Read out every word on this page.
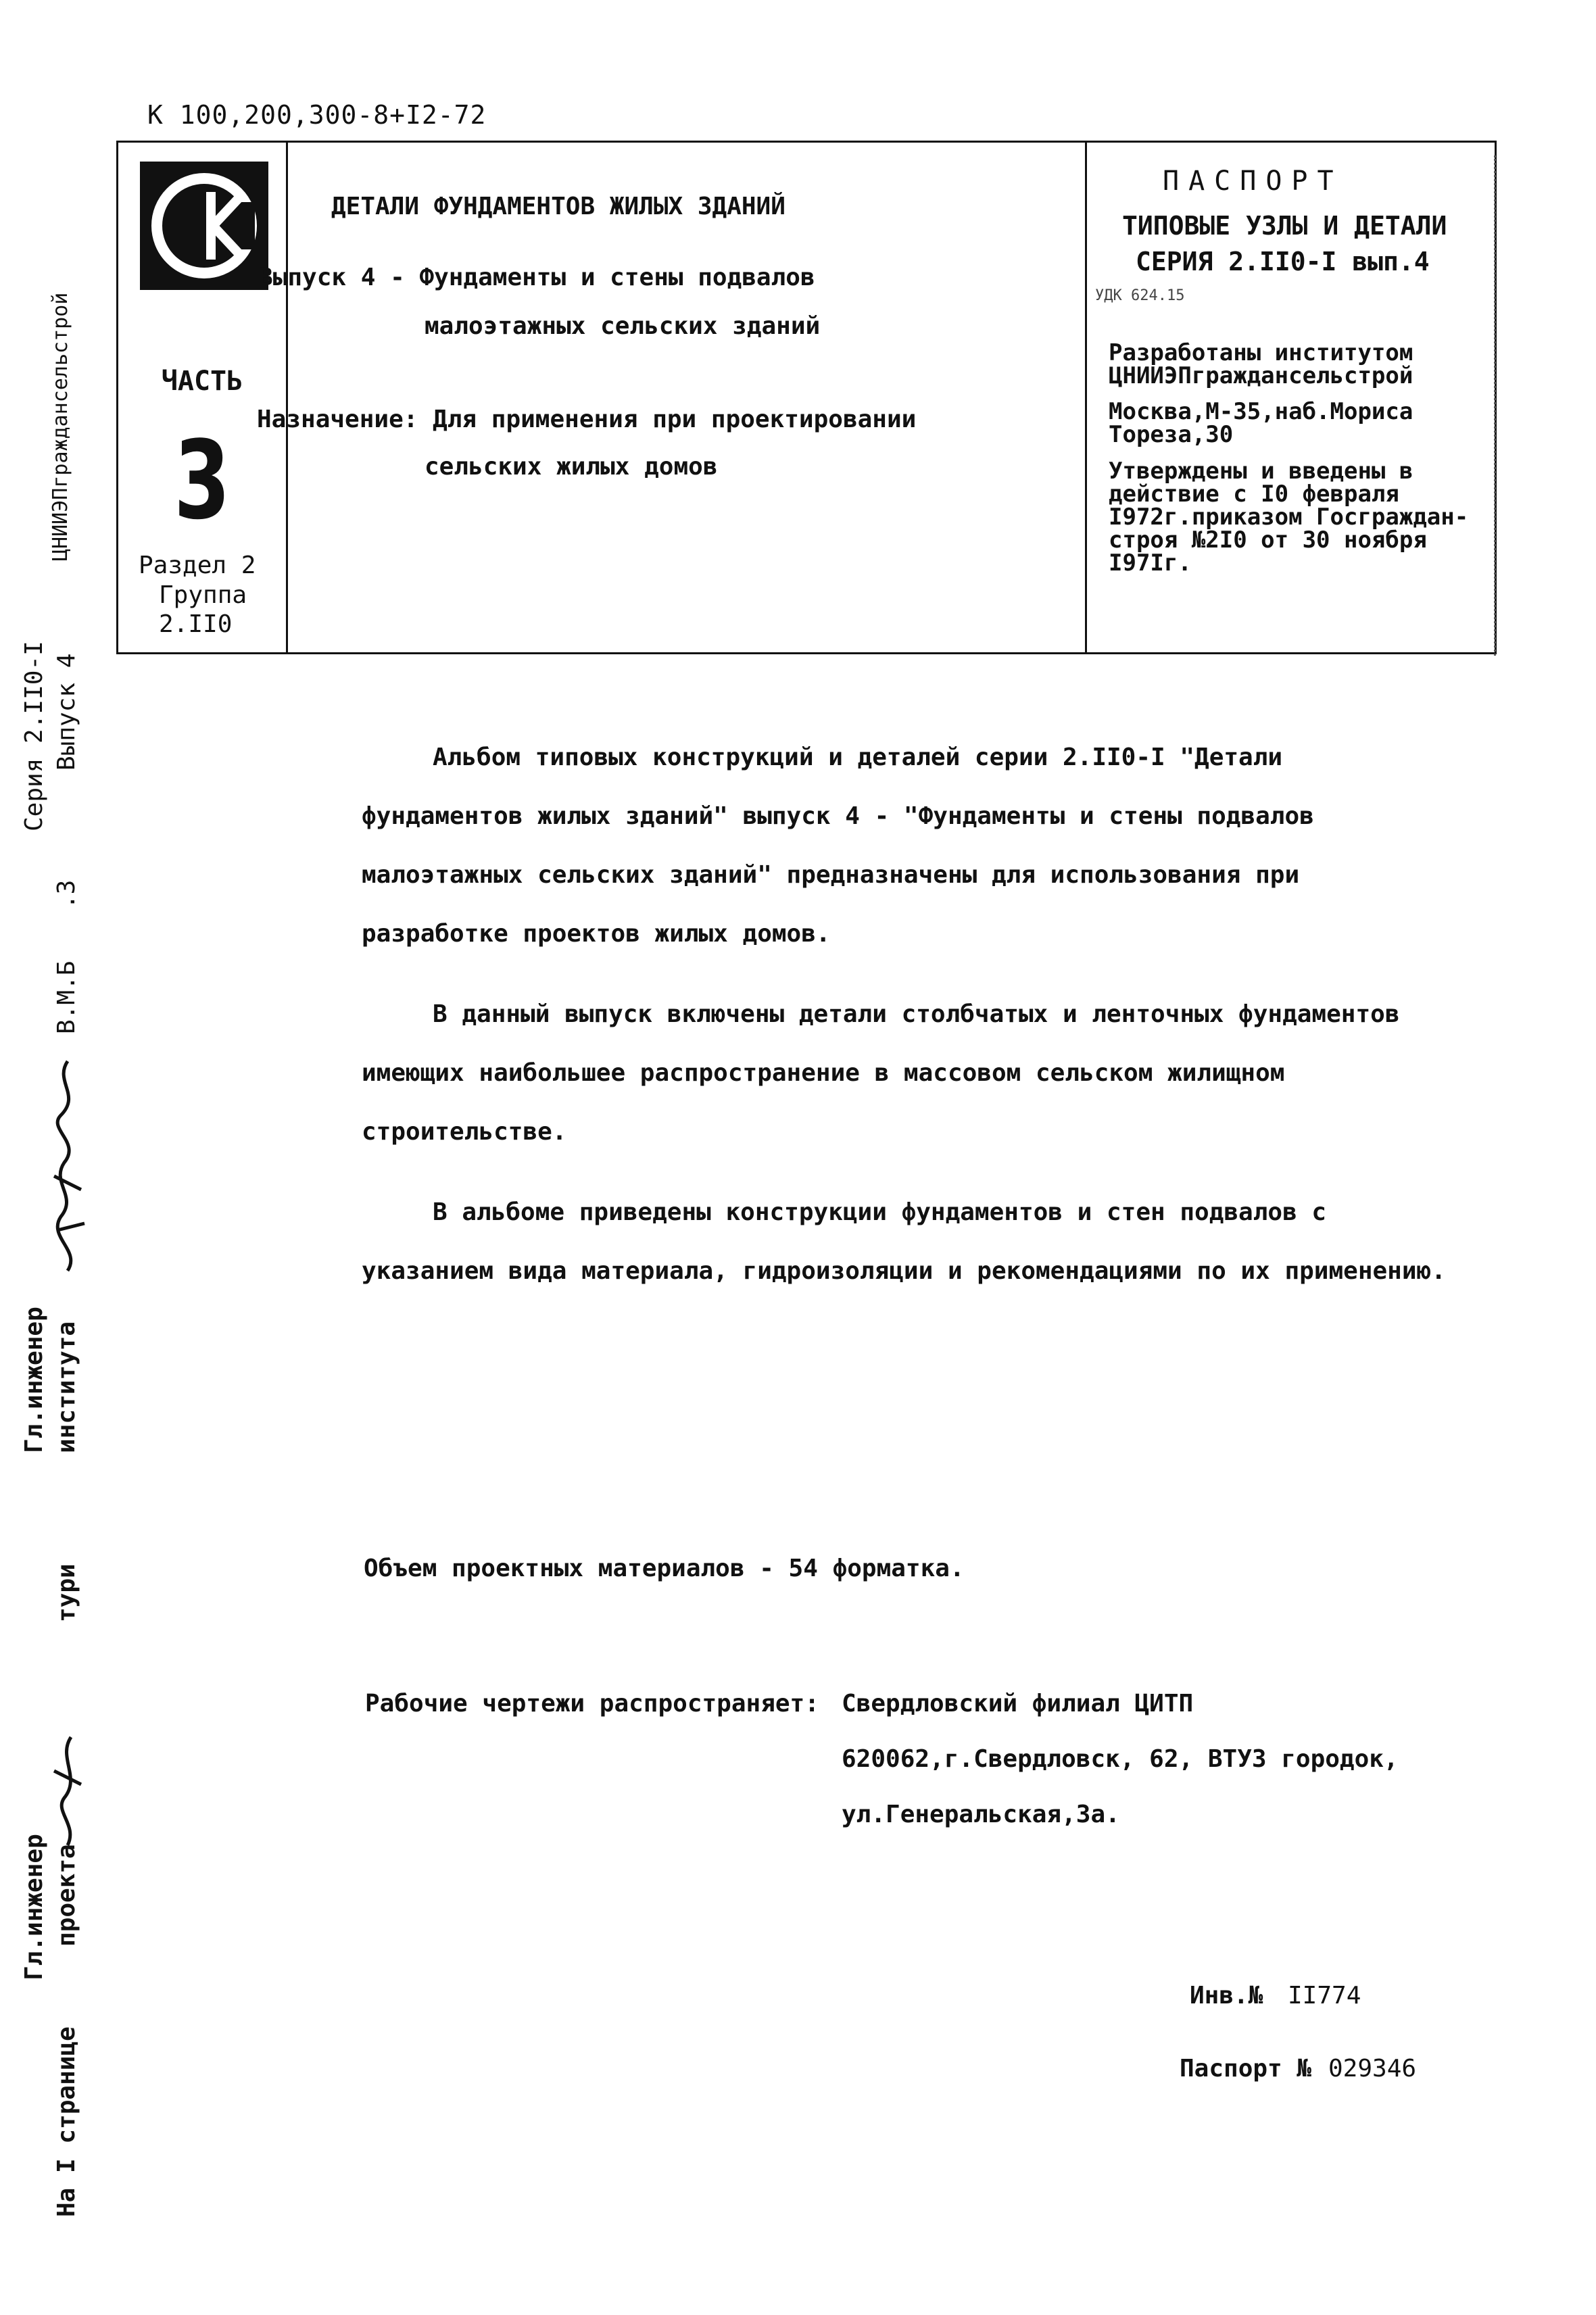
К 100,200,300-8+I2-72
ЧАСТЬ
3
Раздел 2
Группа
2.II0
ДЕТАЛИ ФУНДАМЕНТОВ ЖИЛЫХ ЗДАНИЙ
Выпуск 4 - Фундаменты и стены подвалов
малоэтажных сельских зданий
Назначение: Для применения при проектировании
сельских жилых домов
ПАСПОРТ
ТИПОВЫЕ УЗЛЫ И ДЕТАЛИ
СЕРИЯ 2.II0-I вып.4
УДК 624.15
Разработаны институтом
ЦНИИЭПграждансельстрой
Москва,М-35,наб.Мориса
Тореза,30
Утверждены и введены в
действие с I0 февраля
I972г.приказом Госграждан-
строя №2I0 от 30 ноября
I97Iг.
Альбом типовых конструкций и деталей серии 2.II0-I "Детали
фундаментов жилых зданий" выпуск 4 - "Фундаменты и стены подвалов
малоэтажных сельских зданий" предназначены для использования при
разработке проектов жилых домов.
В данный выпуск включены детали столбчатых и ленточных фундаментов
имеющих наибольшее распространение в массовом сельском жилищном
строительстве.
В альбоме приведены конструкции фундаментов и стен подвалов с
указанием вида материала, гидроизоляции и рекомендациями по их применению.
Объем проектных материалов - 54 форматка.
Рабочие чертежи распространяет: Свердловский филиал ЦИТП
620062,г.Свердловск, 62, ВТУЗ городок,
ул.Генеральская,3а.
Инв.№ II774
Паспорт № 029346
ЦНИИЭПграждансельстрой
Серия 2.II0-I Выпуск 4
.3
В.М.Б
Гл.инженер института
тури
Гл.инженер проекта
На I странице
